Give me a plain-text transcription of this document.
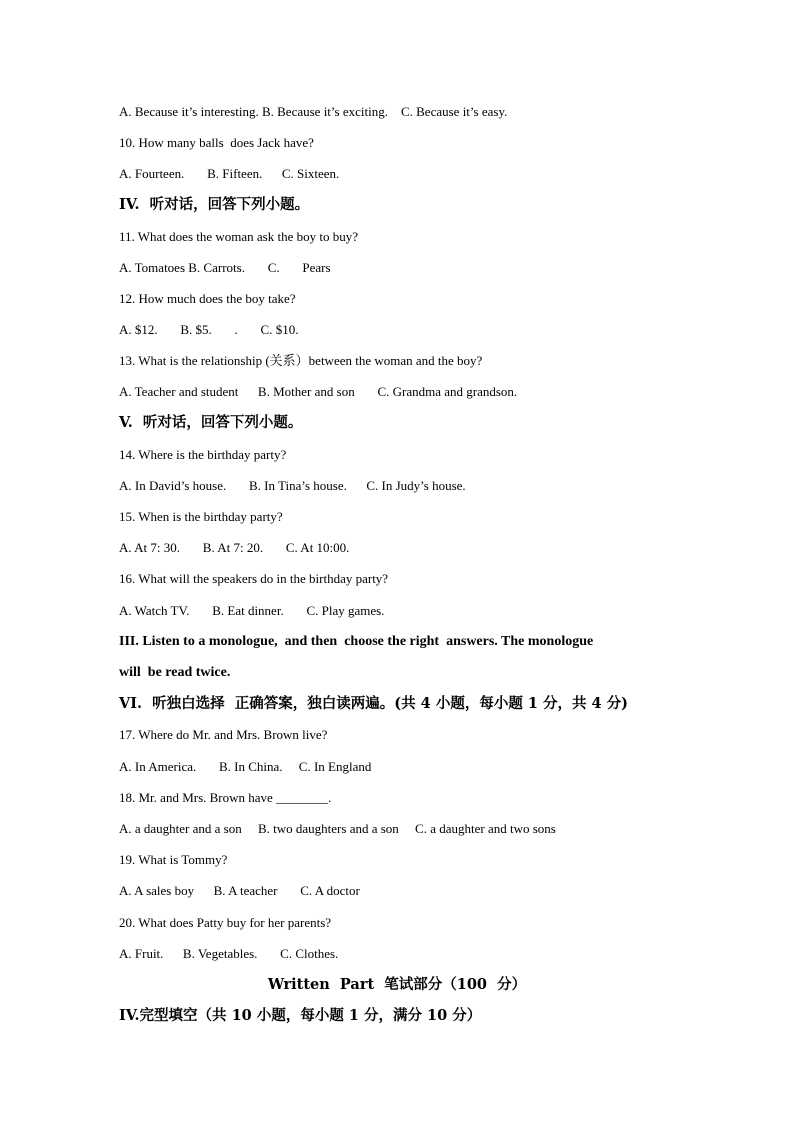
A. Because it’s interesting. B. Because it’s exciting.    C. Because it’s easy.
10. How many balls  does Jack have?
A. Fourteen.       B. Fifteen.      C. Sixteen.
IV.  听对话，回答下列小题。
11. What does the woman ask the boy to buy?
A. Tomatoes B. Carrots.       C.       Pears
12. How much does the boy take?
A. $12.       B. $5.       .       C. $10.
13. What is the relationship (关系）between the woman and the boy?
A. Teacher and student      B. Mother and son       C. Grandma and grandson.
V.  听对话，回答下列小题。
14. Where is the birthday party?
A. In David’s house.       B. In Tina’s house.      C. In Judy’s house.
15. When is the birthday party?
A. At 7: 30.       B. At 7: 20.       C. At 10:00.
16. What will the speakers do in the birthday party?
A. Watch TV.       B. Eat dinner.       C. Play games.
III. Listen to a monologue,  and then  choose the right  answers. The monologue
will  be read twice.
VI.  听独白选择  正确答案，独白读两遍。(共 4 小题，每小题 1 分，共 4 分)
17. Where do Mr. and Mrs. Brown live?
A. In America.       B. In China.     C. In England
18. Mr. and Mrs. Brown have ________.
A. a daughter and a son     B. two daughters and a son     C. a daughter and two sons
19. What is Tommy?
A. A sales boy      B. A teacher       C. A doctor
20. What does Patty buy for her parents?
A. Fruit.      B. Vegetables.       C. Clothes.
Written  Part  笔试部分（100  分）
IV.完型填空（共 10 小题，每小题 1 分，满分 10 分）
